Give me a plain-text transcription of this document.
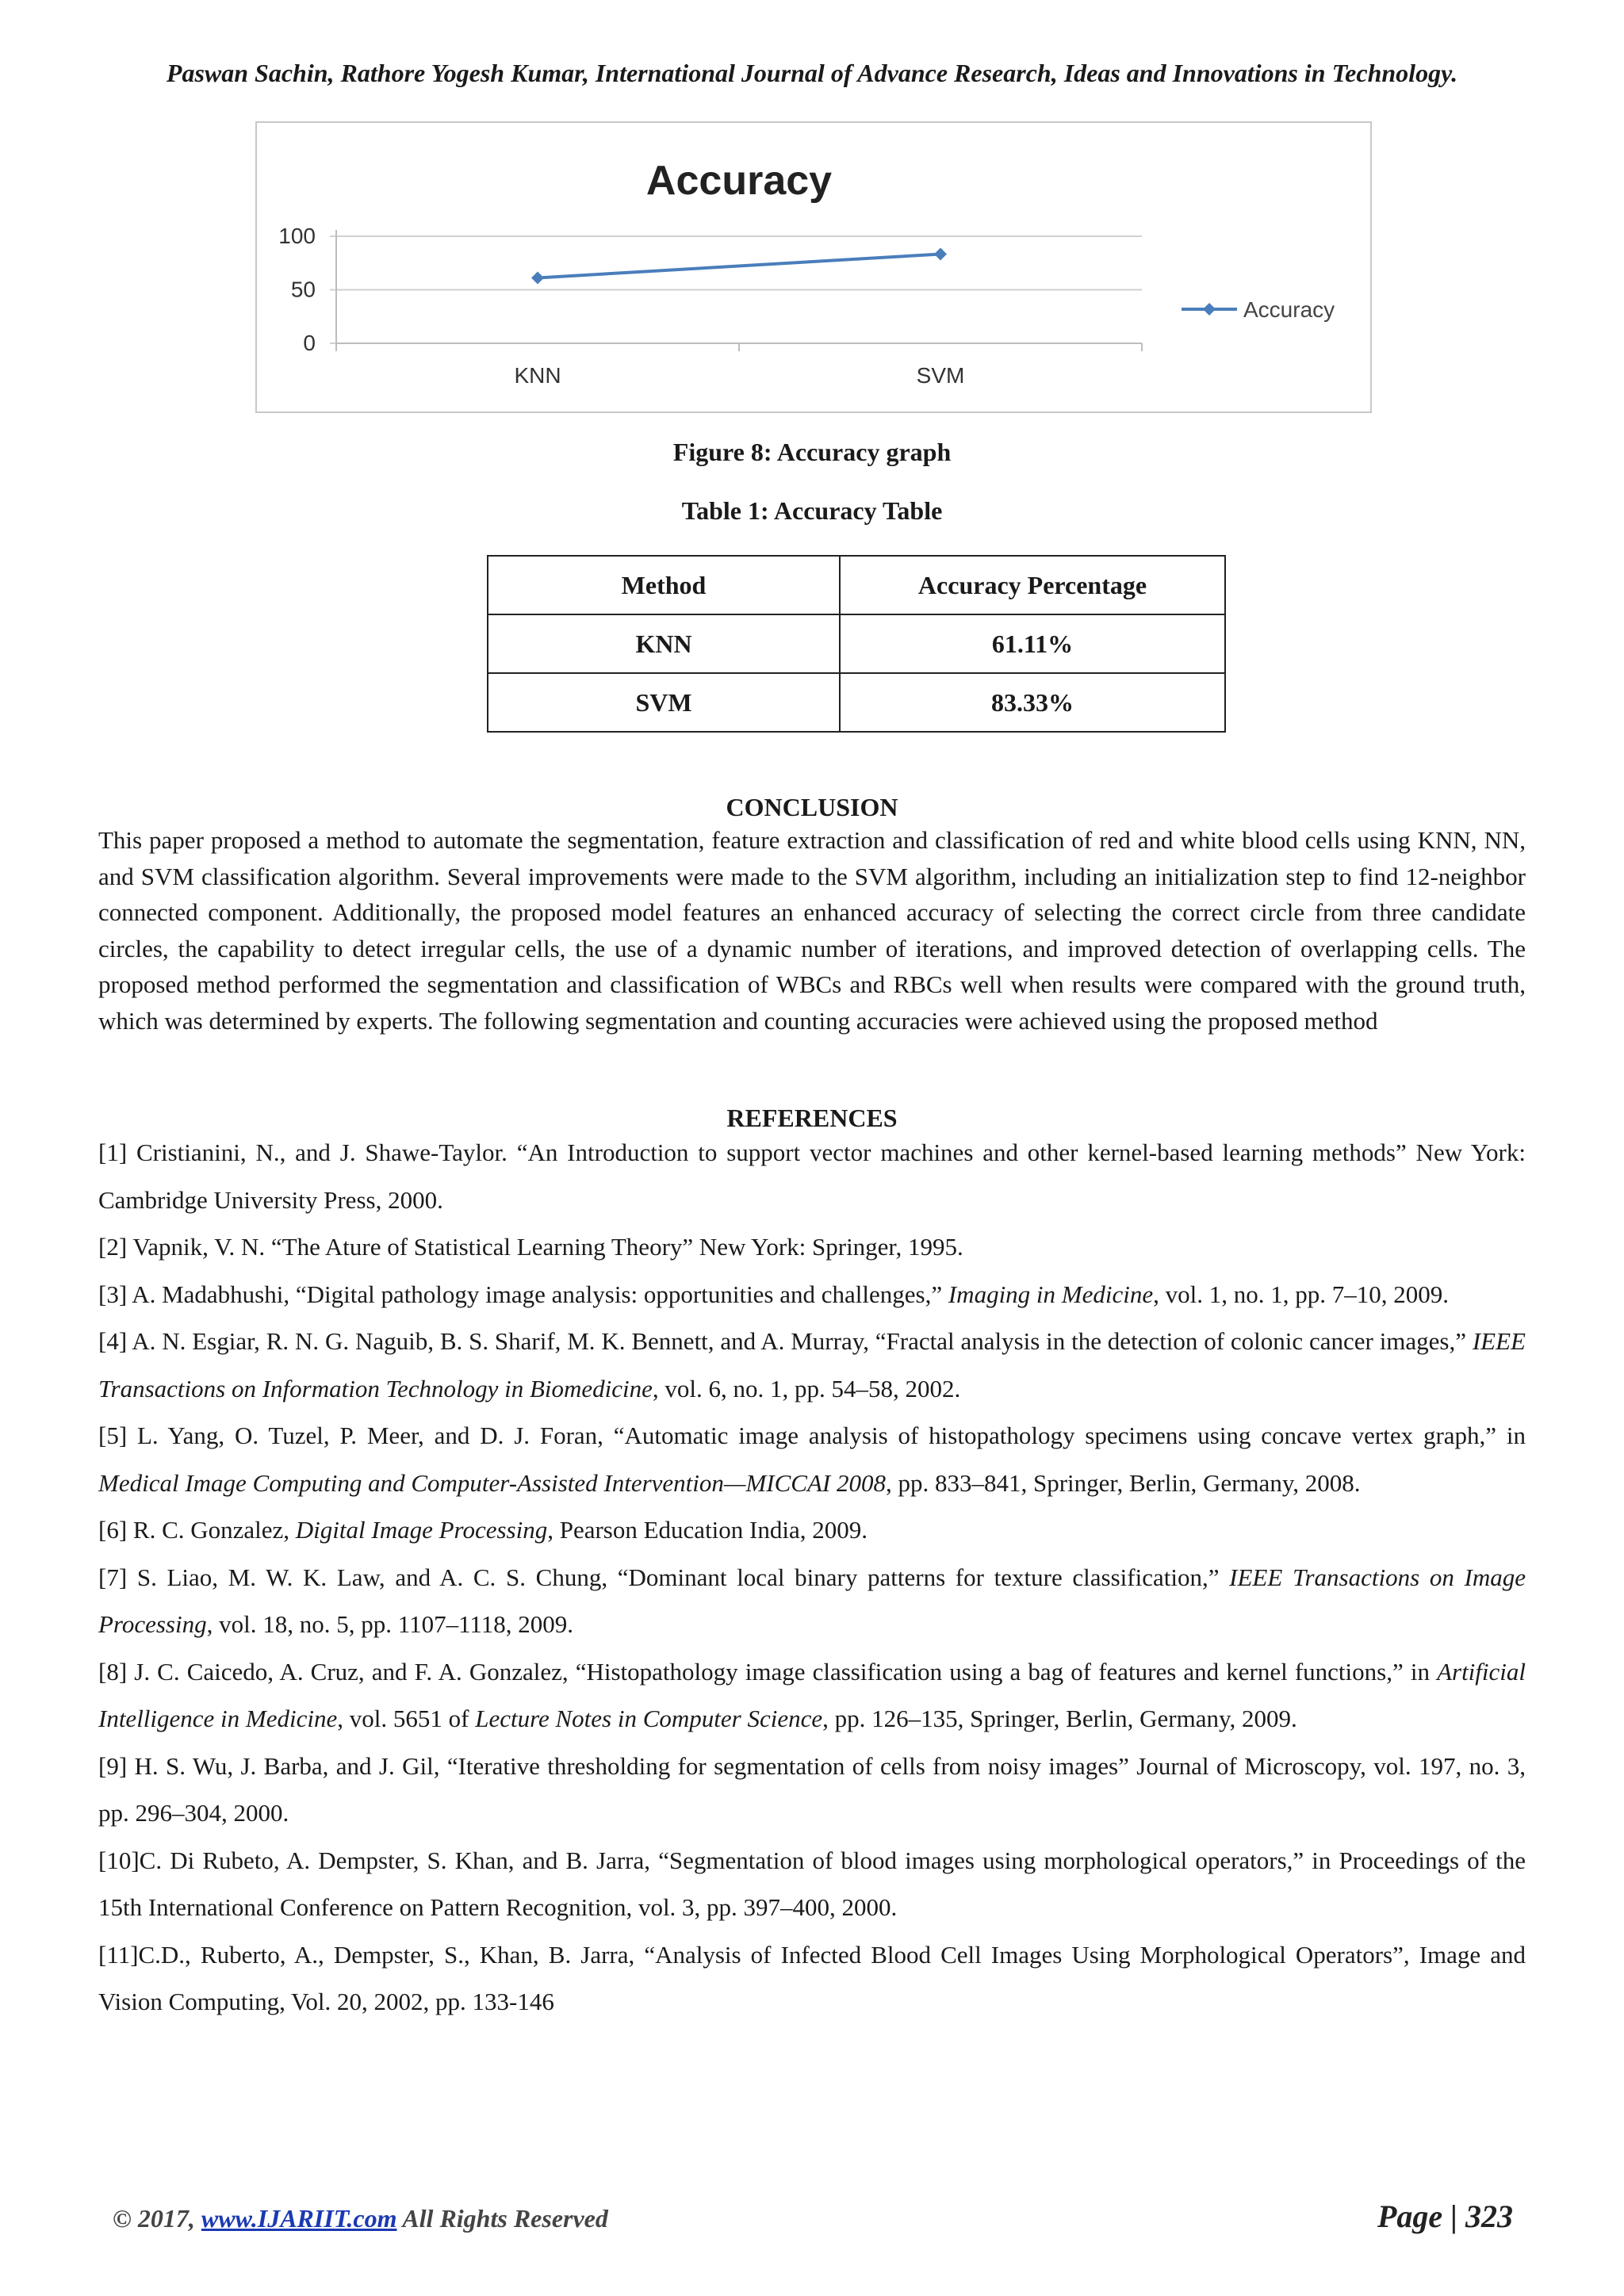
Paswan Sachin, Rathore Yogesh Kumar, International Journal of Advance Research, Ideas and Innovations in Technology.
Accuracy
100
50
0
KNN	SVM
Accuracy
Figure 8: Accuracy graph
Table 1: Accuracy Table
Method	Accuracy Percentage
KNN	61.11%
SVM	83.33%
CONCLUSION
This paper proposed a method to automate the segmentation, feature extraction and classification of red and white blood cells using KNN, NN, and SVM classification algorithm. Several improvements were made to the SVM algorithm, including an initialization step to find 12-neighbor connected component. Additionally, the proposed model features an enhanced accuracy of selecting the correct circle from three candidate circles, the capability to detect irregular cells, the use of a dynamic number of iterations, and improved detection of overlapping cells. The proposed method performed the segmentation and classification of WBCs and RBCs well when results were compared with the ground truth, which was determined by experts. The following segmentation and counting accuracies were achieved using the proposed method
REFERENCES

[1] Cristianini, N., and J. Shawe-Taylor. “An Introduction to support vector machines and other kernel-based learning methods” New York: Cambridge University Press, 2000.

[2] Vapnik, V. N. “The Ature of Statistical Learning Theory” New York: Springer, 1995.

[3] A. Madabhushi, “Digital pathology image analysis: opportunities and challenges,” Imaging in Medicine, vol. 1, no. 1, pp. 7–10, 2009.

[4] A. N. Esgiar, R. N. G. Naguib, B. S. Sharif, M. K. Bennett, and A. Murray, “Fractal analysis in the detection of colonic cancer images,” IEEE Transactions on Information Technology in Biomedicine, vol. 6, no. 1, pp. 54–58, 2002.

[5] L. Yang, O. Tuzel, P. Meer, and D. J. Foran, “Automatic image analysis of histopathology specimens using concave vertex graph,” in Medical Image Computing and Computer-Assisted Intervention—MICCAI 2008, pp. 833–841, Springer, Berlin, Germany, 2008.

[6] R. C. Gonzalez, Digital Image Processing, Pearson Education India, 2009.

[7] S. Liao, M. W. K. Law, and A. C. S. Chung, “Dominant local binary patterns for texture classification,” IEEE Transactions on Image Processing, vol. 18, no. 5, pp. 1107–1118, 2009.

[8] J. C. Caicedo, A. Cruz, and F. A. Gonzalez, “Histopathology image classification using a bag of features and kernel functions,” in Artificial Intelligence in Medicine, vol. 5651 of Lecture Notes in Computer Science, pp. 126–135, Springer, Berlin, Germany, 2009.

[9] H. S. Wu, J. Barba, and J. Gil, “Iterative thresholding for segmentation of cells from noisy images” Journal of Microscopy, vol. 197, no. 3, pp. 296–304, 2000.

[10]C. Di Rubeto, A. Dempster, S. Khan, and B. Jarra, “Segmentation of blood images using morphological operators,” in Proceedings of the 15th International Conference on Pattern Recognition, vol. 3, pp. 397–400, 2000.

[11]C.D., Ruberto, A., Dempster, S., Khan, B. Jarra, “Analysis of Infected Blood Cell Images Using Morphological Operators”, Image and Vision Computing, Vol. 20, 2002, pp. 133-146

© 2017, www.IJARIIT.com All Rights Reserved	Page | 323
